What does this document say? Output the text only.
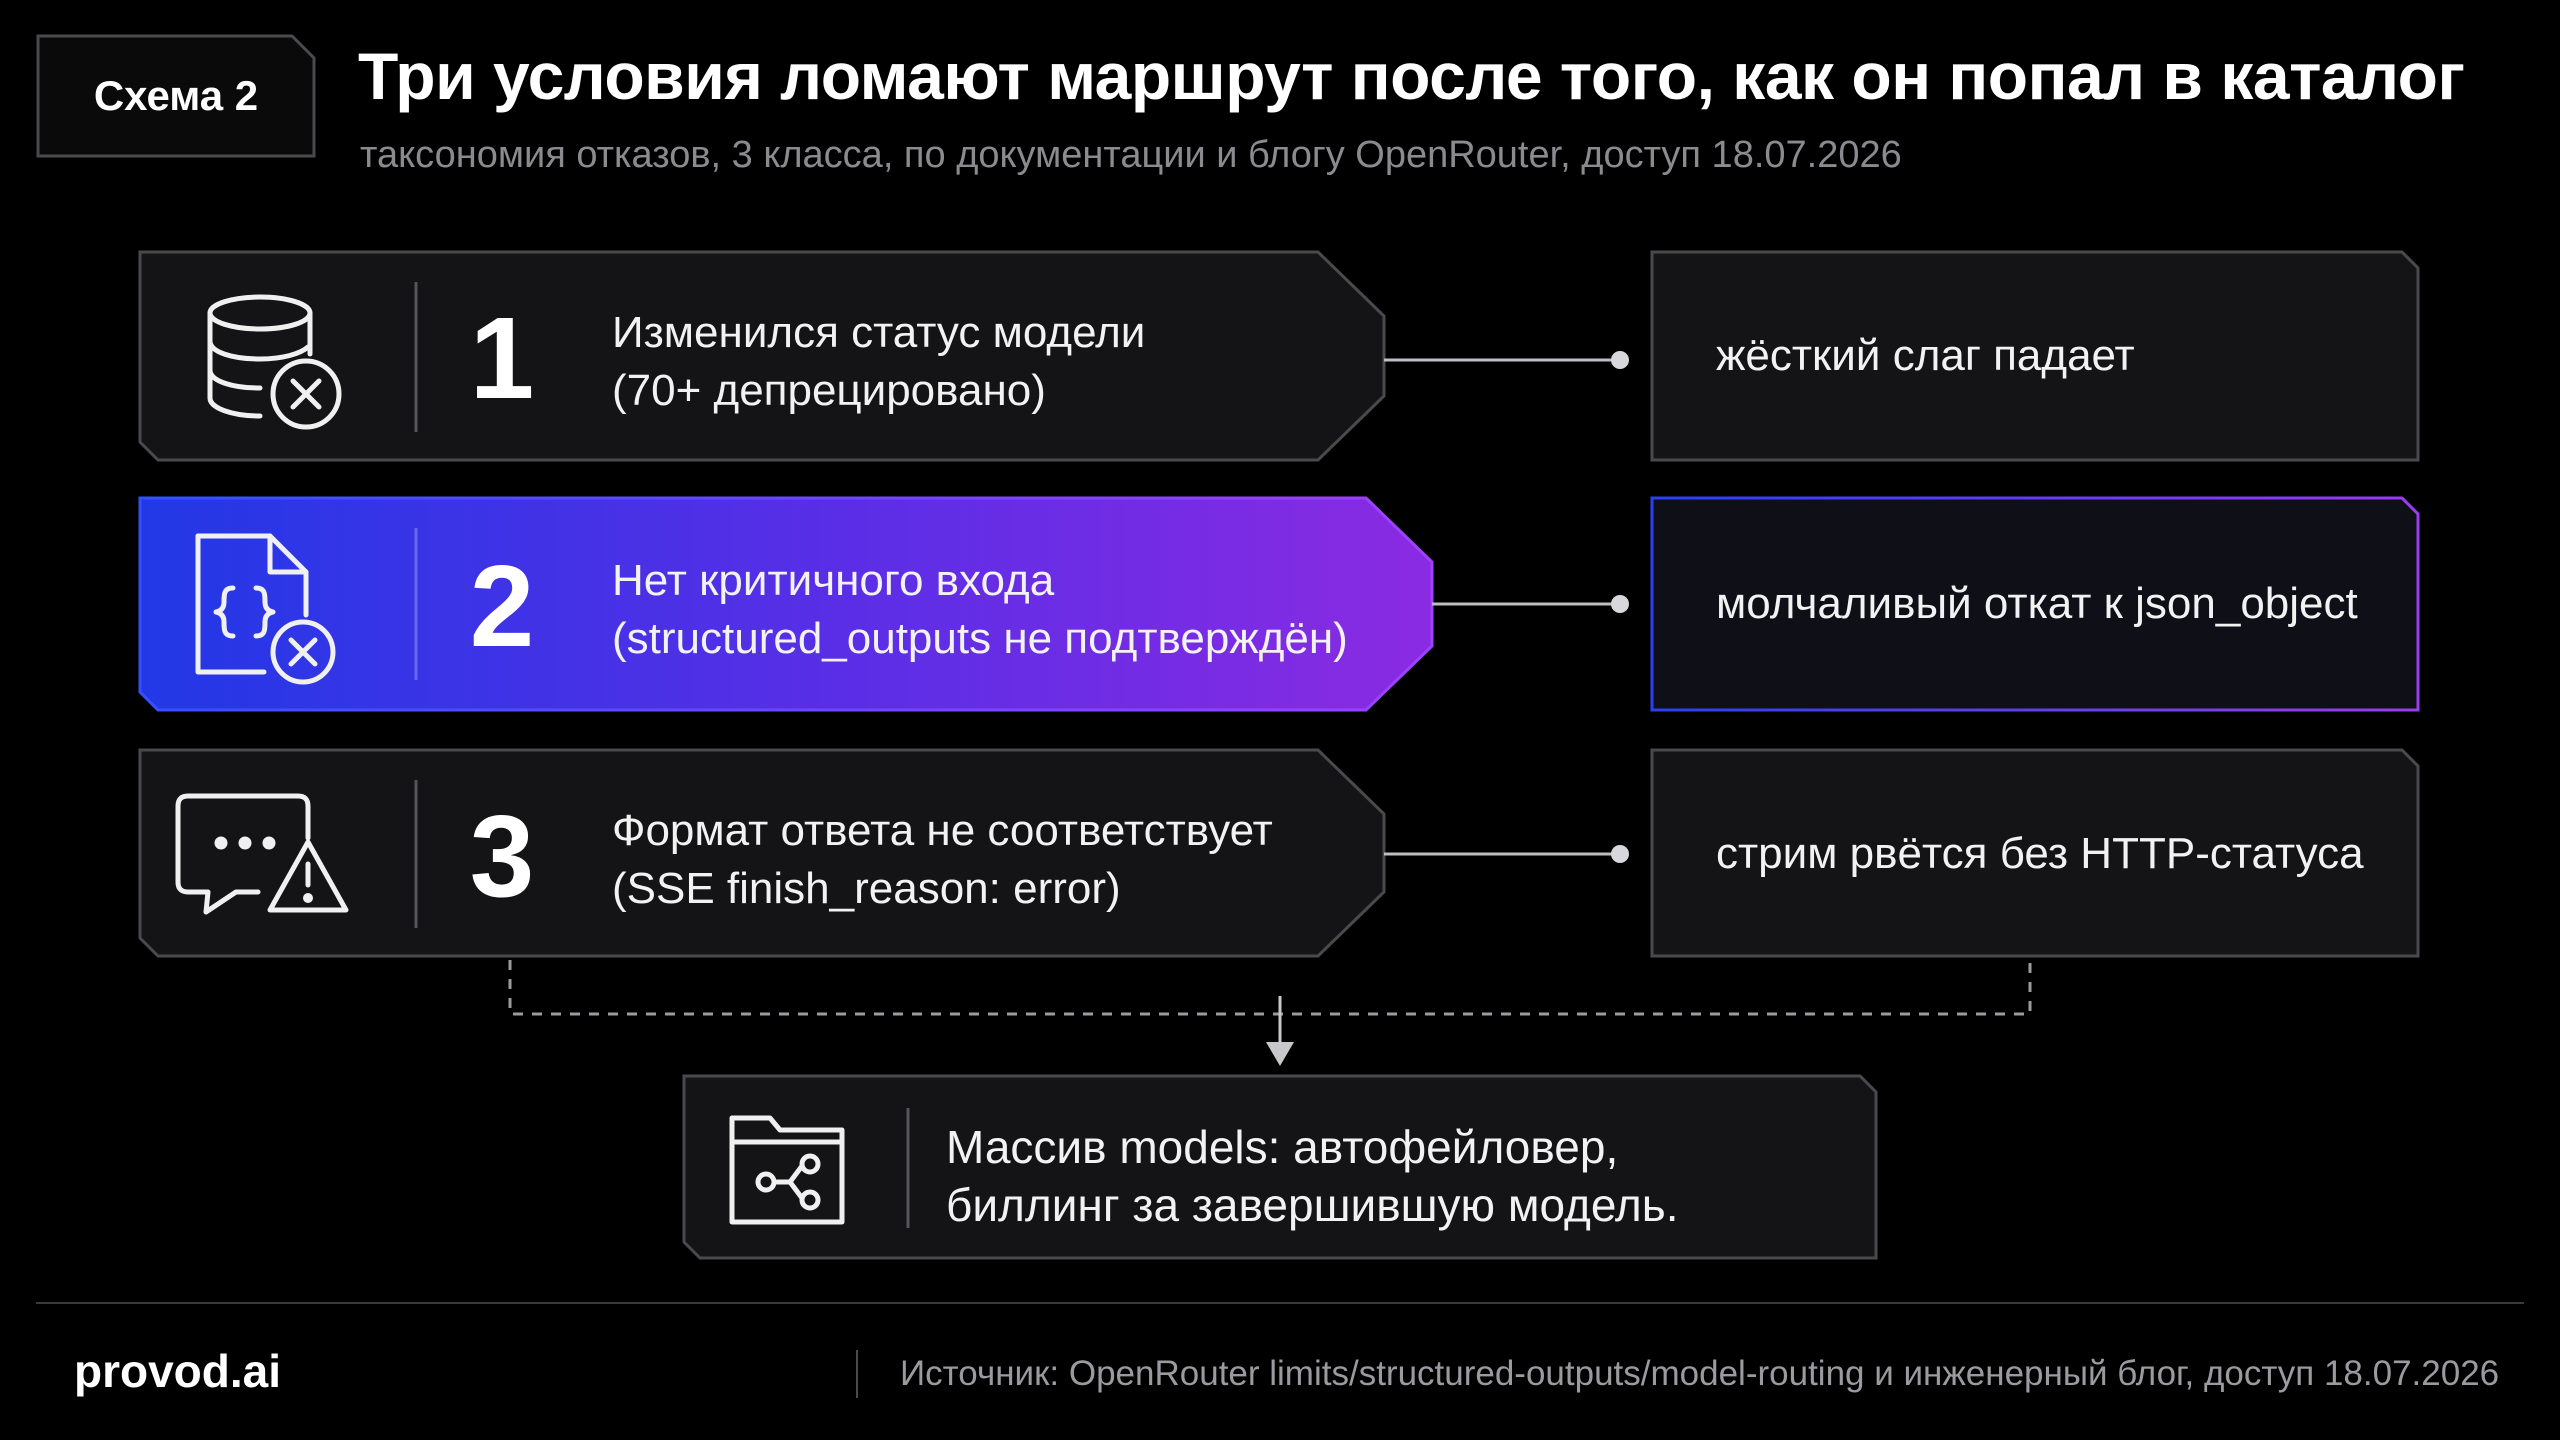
Схема 2	Три условия ломают маршрут после того, как он попал в каталог
таксономия отказов, 3 класса, по документации и блогу OpenRouter, доступ 18.07.2026
1	Изменился статус модели
(70+ депрецировано)
2	Нет критичного входа
(structured_outputs не подтверждён)
3	Формат ответа не соответствует
(SSE finish_reason: error)
жёсткий слаг падает
молчаливый откат к json_object
стрим рвётся без HTTP-статуса
Массив models: автофейловер,
биллинг за завершившую модель.
provod.ai	Источник: OpenRouter limits/structured-outputs/model-routing и инженерный блог, доступ 18.07.2026
